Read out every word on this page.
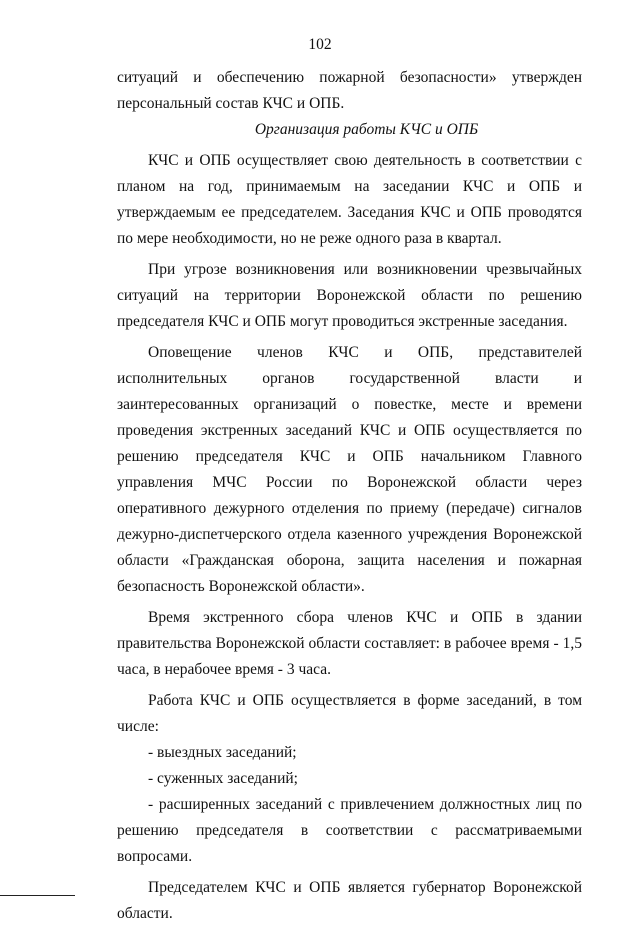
102

ситуаций и обеспечению пожарной безопасности» утвержден

персональный состав КЧС и ОПБ.

Организация работы КЧС и ОПБ

КЧС и ОПБ осуществляет свою деятельность в соответствии с планом на год, принимаемым на заседании КЧС и ОПБ и утверждаемым ее председателем. Заседания КЧС и ОПБ проводятся по мере необходимости, но не реже одного раза в квартал.

При угрозе возникновения или возникновении чрезвычайных ситуаций на территории Воронежской области по решению председателя КЧС и ОПБ могут проводиться экстренные заседания.

Оповещение членов КЧС и ОПБ, представителей исполнительных органов государственной власти и заинтересованных организаций о повестке, месте и времени проведения экстренных заседаний КЧС и ОПБ осуществляется по решению председателя КЧС и ОПБ начальником Главного управления МЧС России по Воронежской области через оперативного дежурного отделения по приему (передаче) сигналов дежурно-диспетчерского отдела казенного учреждения Воронежской области «Гражданская оборона, защита населения и пожарная безопасность Воронежской области».

Время экстренного сбора членов КЧС и ОПБ в здании правительства Воронежской области составляет: в рабочее время - 1,5 часа, в нерабочее время - 3 часа.

Работа КЧС и ОПБ осуществляется в форме заседаний, в том числе:

- выездных заседаний;

- суженных заседаний;

- расширенных заседаний с привлечением должностных лиц по решению председателя в соответствии с рассматриваемыми вопросами.

Председателем КЧС и ОПБ является губернатор Воронежской области.
